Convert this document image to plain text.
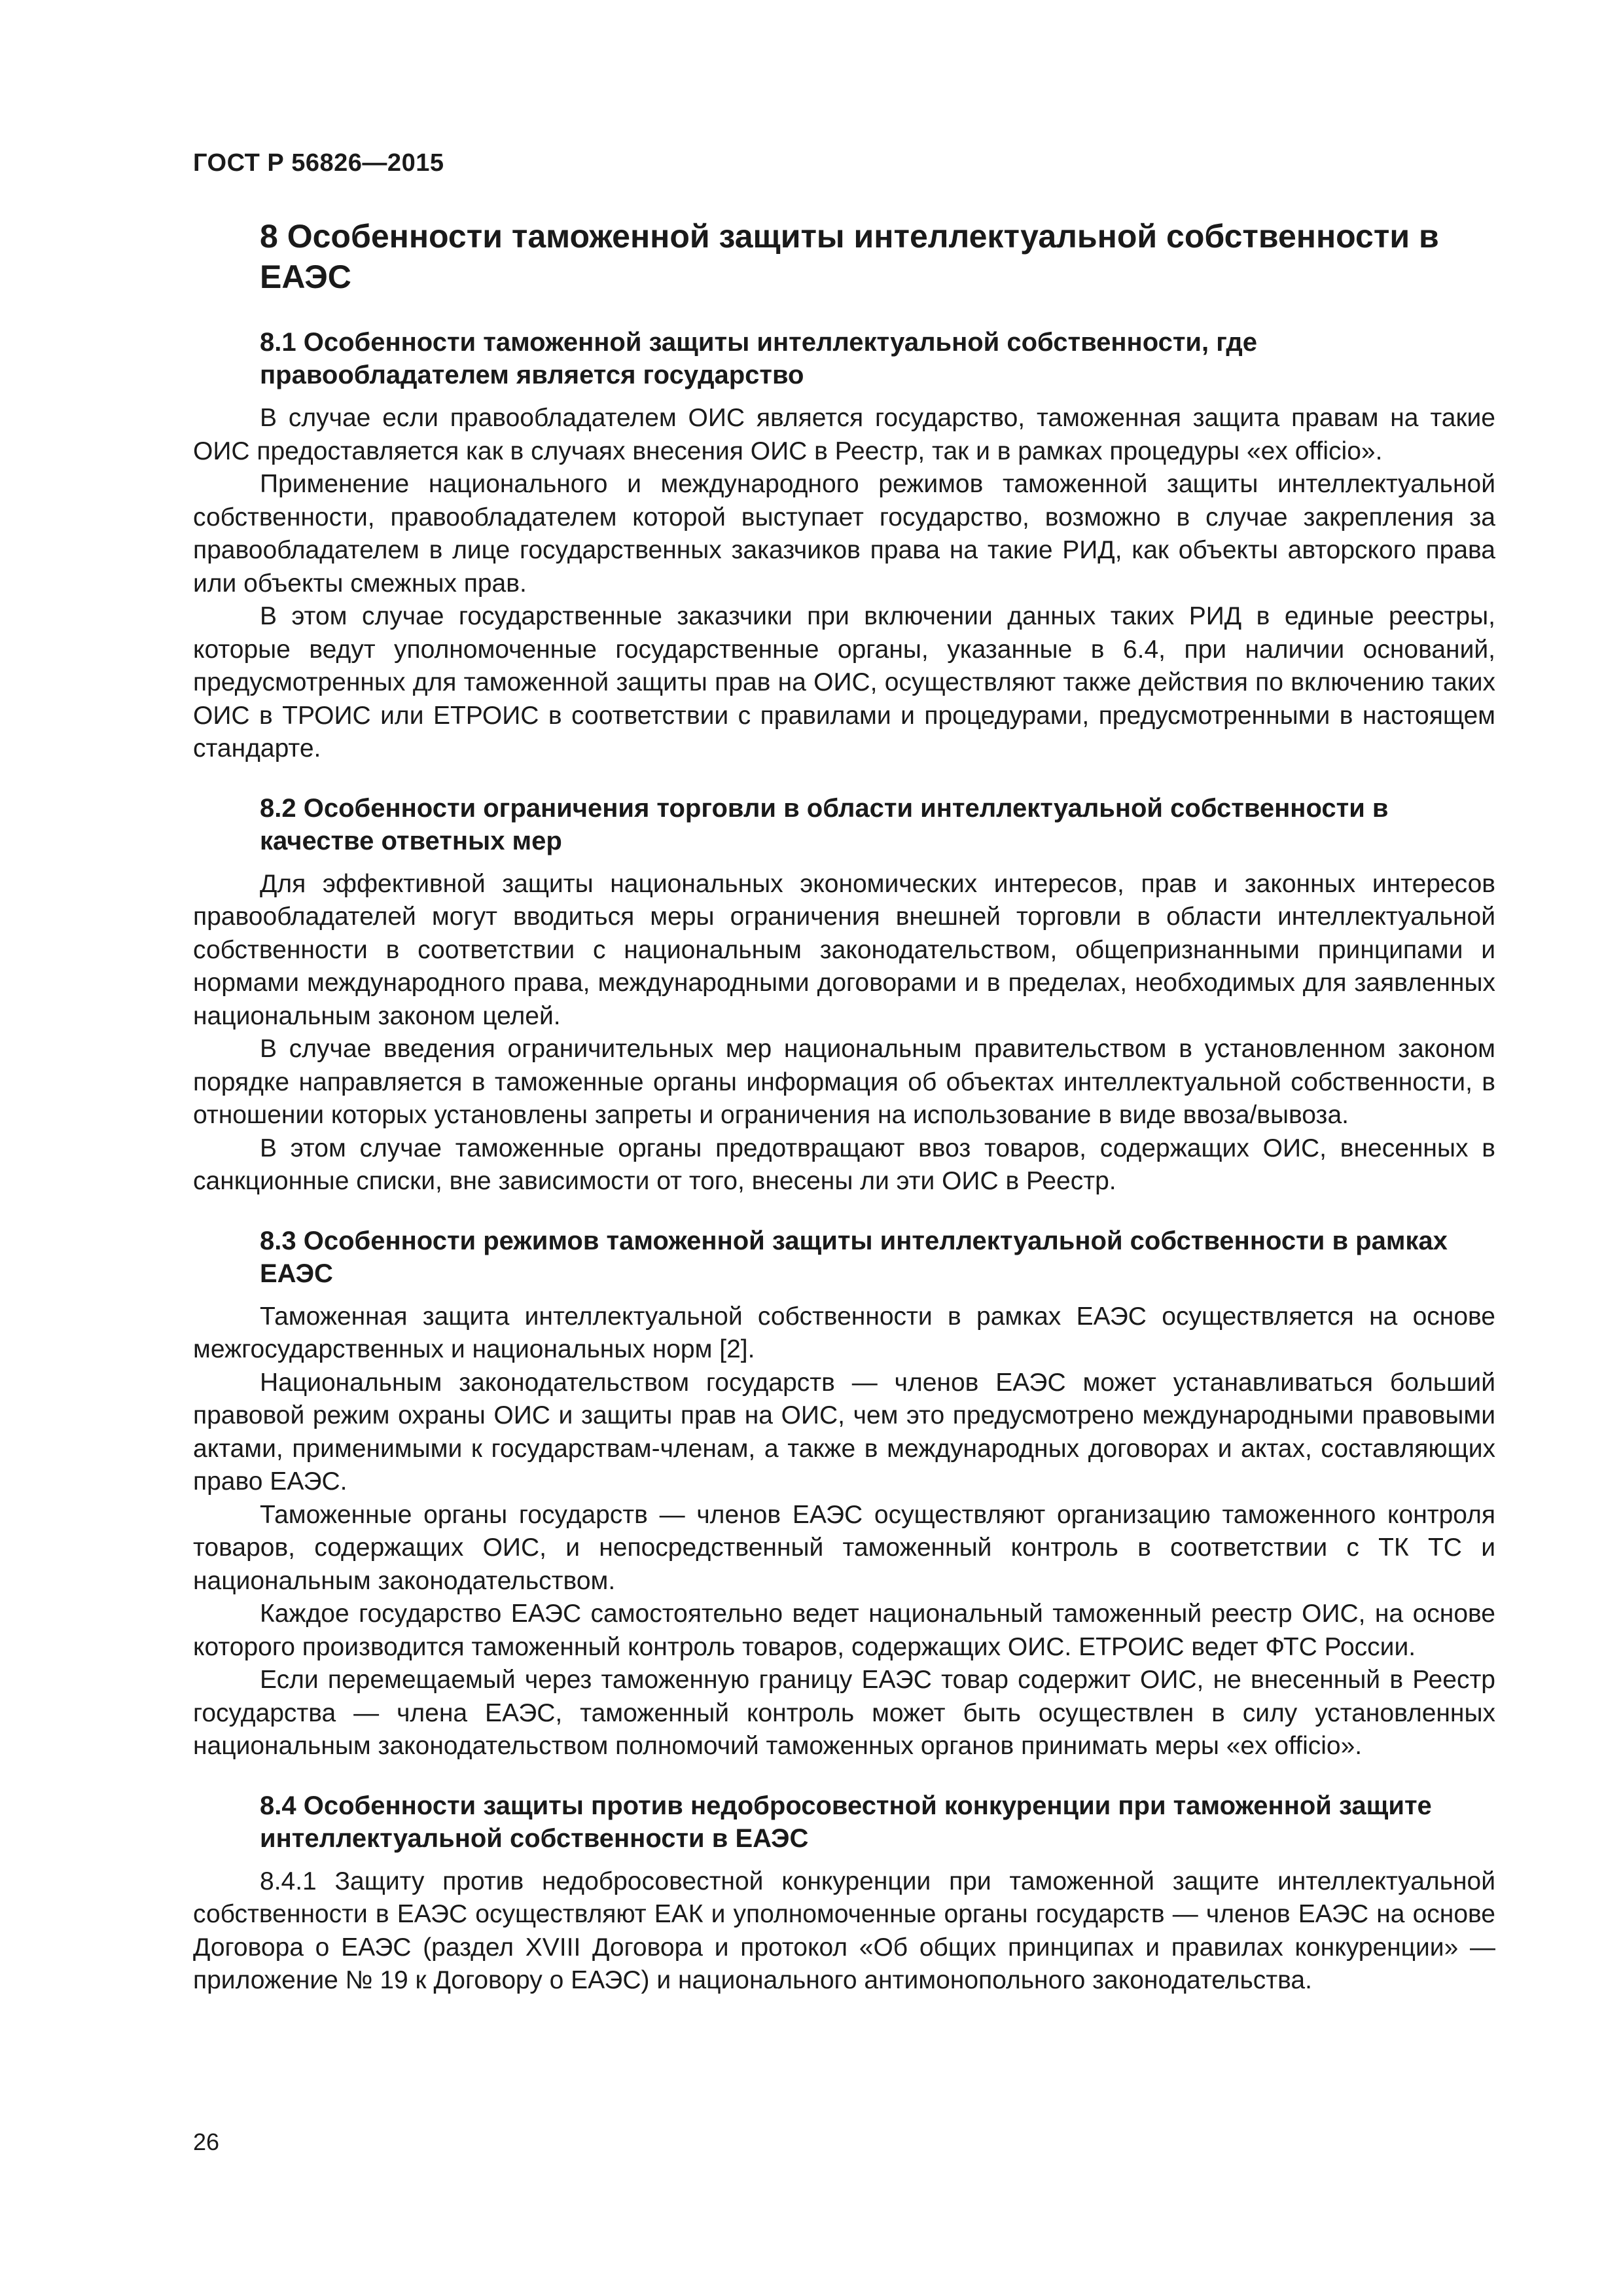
ГОСТ Р 56826—2015
8 Особенности таможенной защиты интеллектуальной собственности в ЕАЭС
8.1 Особенности таможенной защиты интеллектуальной собственности, где правообладателем является государство

В случае если правообладателем ОИС является государство, таможенная защита правам на такие ОИС предоставляется как в случаях внесения ОИС в Реестр, так и в рамках процедуры «ex officio».

Применение национального и международного режимов таможенной защиты интеллектуальной собственности, правообладателем которой выступает государство, возможно в случае закрепления за правообладателем в лице государственных заказчиков права на такие РИД, как объекты авторского права или объекты смежных прав.

В этом случае государственные заказчики при включении данных таких РИД в единые реестры, которые ведут уполномоченные государственные органы, указанные в 6.4, при наличии оснований, предусмотренных для таможенной защиты прав на ОИС, осуществляют также действия по включению таких ОИС в ТРОИС или ЕТРОИС в соответствии с правилами и процедурами, предусмотренными в настоящем стандарте.

8.2 Особенности ограничения торговли в области интеллектуальной собственности в качестве ответных мер

Для эффективной защиты национальных экономических интересов, прав и законных интересов правообладателей могут вводиться меры ограничения внешней торговли в области интеллектуальной собственности в соответствии с национальным законодательством, общепризнанными принципами и нормами международного права, международными договорами и в пределах, необходимых для заявленных национальным законом целей.

В случае введения ограничительных мер национальным правительством в установленном законом порядке направляется в таможенные органы информация об объектах интеллектуальной собственности, в отношении которых установлены запреты и ограничения на использование в виде ввоза/вывоза.

В этом случае таможенные органы предотвращают ввоз товаров, содержащих ОИС, внесенных в санкционные списки, вне зависимости от того, внесены ли эти ОИС в Реестр.

8.3 Особенности режимов таможенной защиты интеллектуальной собственности в рамках ЕАЭС

Таможенная защита интеллектуальной собственности в рамках ЕАЭС осуществляется на основе межгосударственных и национальных норм [2].

Национальным законодательством государств — членов ЕАЭС может устанавливаться больший правовой режим охраны ОИС и защиты прав на ОИС, чем это предусмотрено международными правовыми актами, применимыми к государствам-членам, а также в международных договорах и актах, составляющих право ЕАЭС.

Таможенные органы государств — членов ЕАЭС осуществляют организацию таможенного контроля товаров, содержащих ОИС, и непосредственный таможенный контроль в соответствии с ТК ТС и национальным законодательством.

Каждое государство ЕАЭС самостоятельно ведет национальный таможенный реестр ОИС, на основе которого производится таможенный контроль товаров, содержащих ОИС. ЕТРОИС ведет ФТС России.

Если перемещаемый через таможенную границу ЕАЭС товар содержит ОИС, не внесенный в Реестр государства — члена ЕАЭС, таможенный контроль может быть осуществлен в силу установленных национальным законодательством полномочий таможенных органов принимать меры «ex officio».

8.4 Особенности защиты против недобросовестной конкуренции при таможенной защите интеллектуальной собственности в ЕАЭС

8.4.1 Защиту против недобросовестной конкуренции при таможенной защите интеллектуальной собственности в ЕАЭС осуществляют ЕАК и уполномоченные органы государств — членов ЕАЭС на основе Договора о ЕАЭС (раздел XVIII Договора и протокол «Об общих принципах и правилах конкуренции» — приложение № 19 к Договору о ЕАЭС) и национального антимонопольного законодательства.

26
